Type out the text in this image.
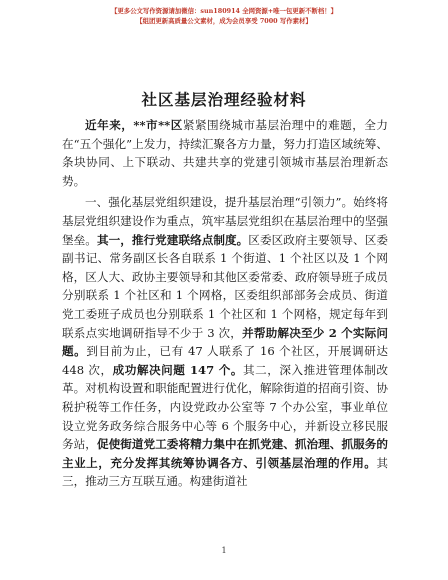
【更多公文写作资源请加微信：sun180914 全网资源+唯一包更新不断档！】
【组团更新高质量公文素材，成为会员享受 7000 写作素材】
社区基层治理经验材料

近年来，**市**区紧紧围绕城市基层治理中的难题，全力在“五个强化”上发力，持续汇聚各方力量，努力打造区域统筹、条块协同、上下联动、共建共享的党建引领城市基层治理新态势。

一、强化基层党组织建设，提升基层治理“引领力”。始终将基层党组织建设作为重点，筑牢基层党组织在基层治理中的坚强堡垒。其一，推行党建联络点制度。区委区政府主要领导、区委副书记、常务副区长各自联系 1 个街道、1 个社区以及 1 个网格，区人大、政协主要领导和其他区委常委、政府领导班子成员分别联系 1 个社区和 1 个网格，区委组织部部务会成员、街道党工委班子成员也分别联系 1 个社区和 1 个网格，规定每年到联系点实地调研指导不少于 3 次，并帮助解决至少 2 个实际问题。到目前为止，已有 47 人联系了 16 个社区，开展调研达 448 次，成功解决问题 147 个。其二，深入推进管理体制改革。对机构设置和职能配置进行优化，解除街道的招商引资、协税护税等工作任务，内设党政办公室等 7 个办公室，事业单位设立党务政务综合服务中心等 6 个服务中心，并新设立移民服务站，促使街道党工委将精力集中在抓党建、抓治理、抓服务的主业上，充分发挥其统筹协调各方、引领基层治理的作用。其三，推动三方互联互通。构建街道社

1
